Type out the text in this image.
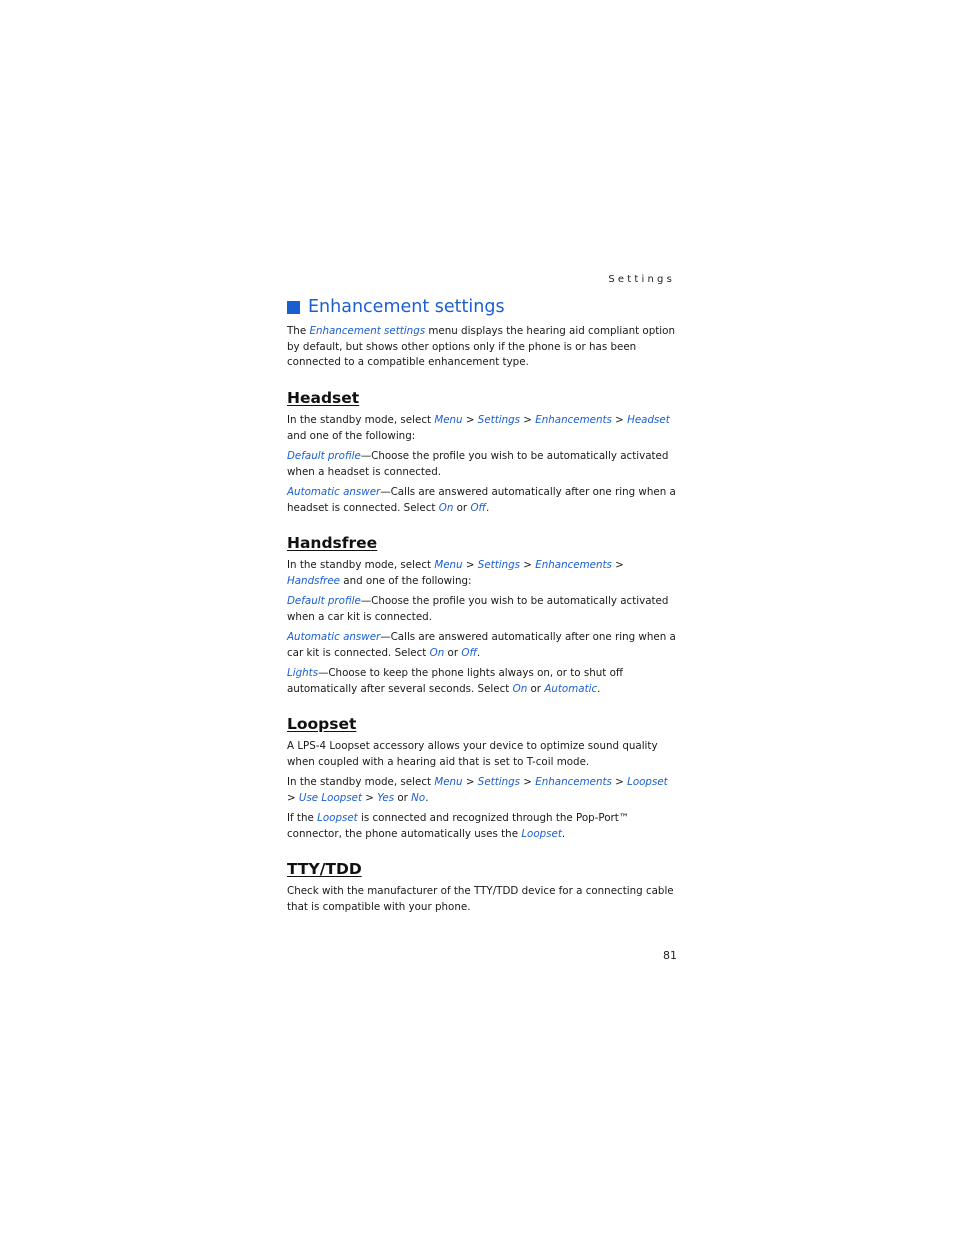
Settings
Enhancement settings

The Enhancement settings menu displays the hearing aid compliant option by default, but shows other options only if the phone is or has been connected to a compatible enhancement type.

Headset

In the standby mode, select Menu > Settings > Enhancements > Headset and one of the following:

Default profile—Choose the profile you wish to be automatically activated when a headset is connected.

Automatic answer—Calls are answered automatically after one ring when a headset is connected. Select On or Off.

Handsfree

In the standby mode, select Menu > Settings > Enhancements > Handsfree and one of the following:

Default profile—Choose the profile you wish to be automatically activated when a car kit is connected.

Automatic answer—Calls are answered automatically after one ring when a car kit is connected. Select On or Off.

Lights—Choose to keep the phone lights always on, or to shut off automatically after several seconds. Select On or Automatic.

Loopset

A LPS-4 Loopset accessory allows your device to optimize sound quality when coupled with a hearing aid that is set to T-coil mode.

In the standby mode, select Menu > Settings > Enhancements > Loopset > Use Loopset > Yes or No.

If the Loopset is connected and recognized through the Pop-Port™ connector, the phone automatically uses the Loopset.

TTY/TDD

Check with the manufacturer of the TTY/TDD device for a connecting cable that is compatible with your phone.

81
